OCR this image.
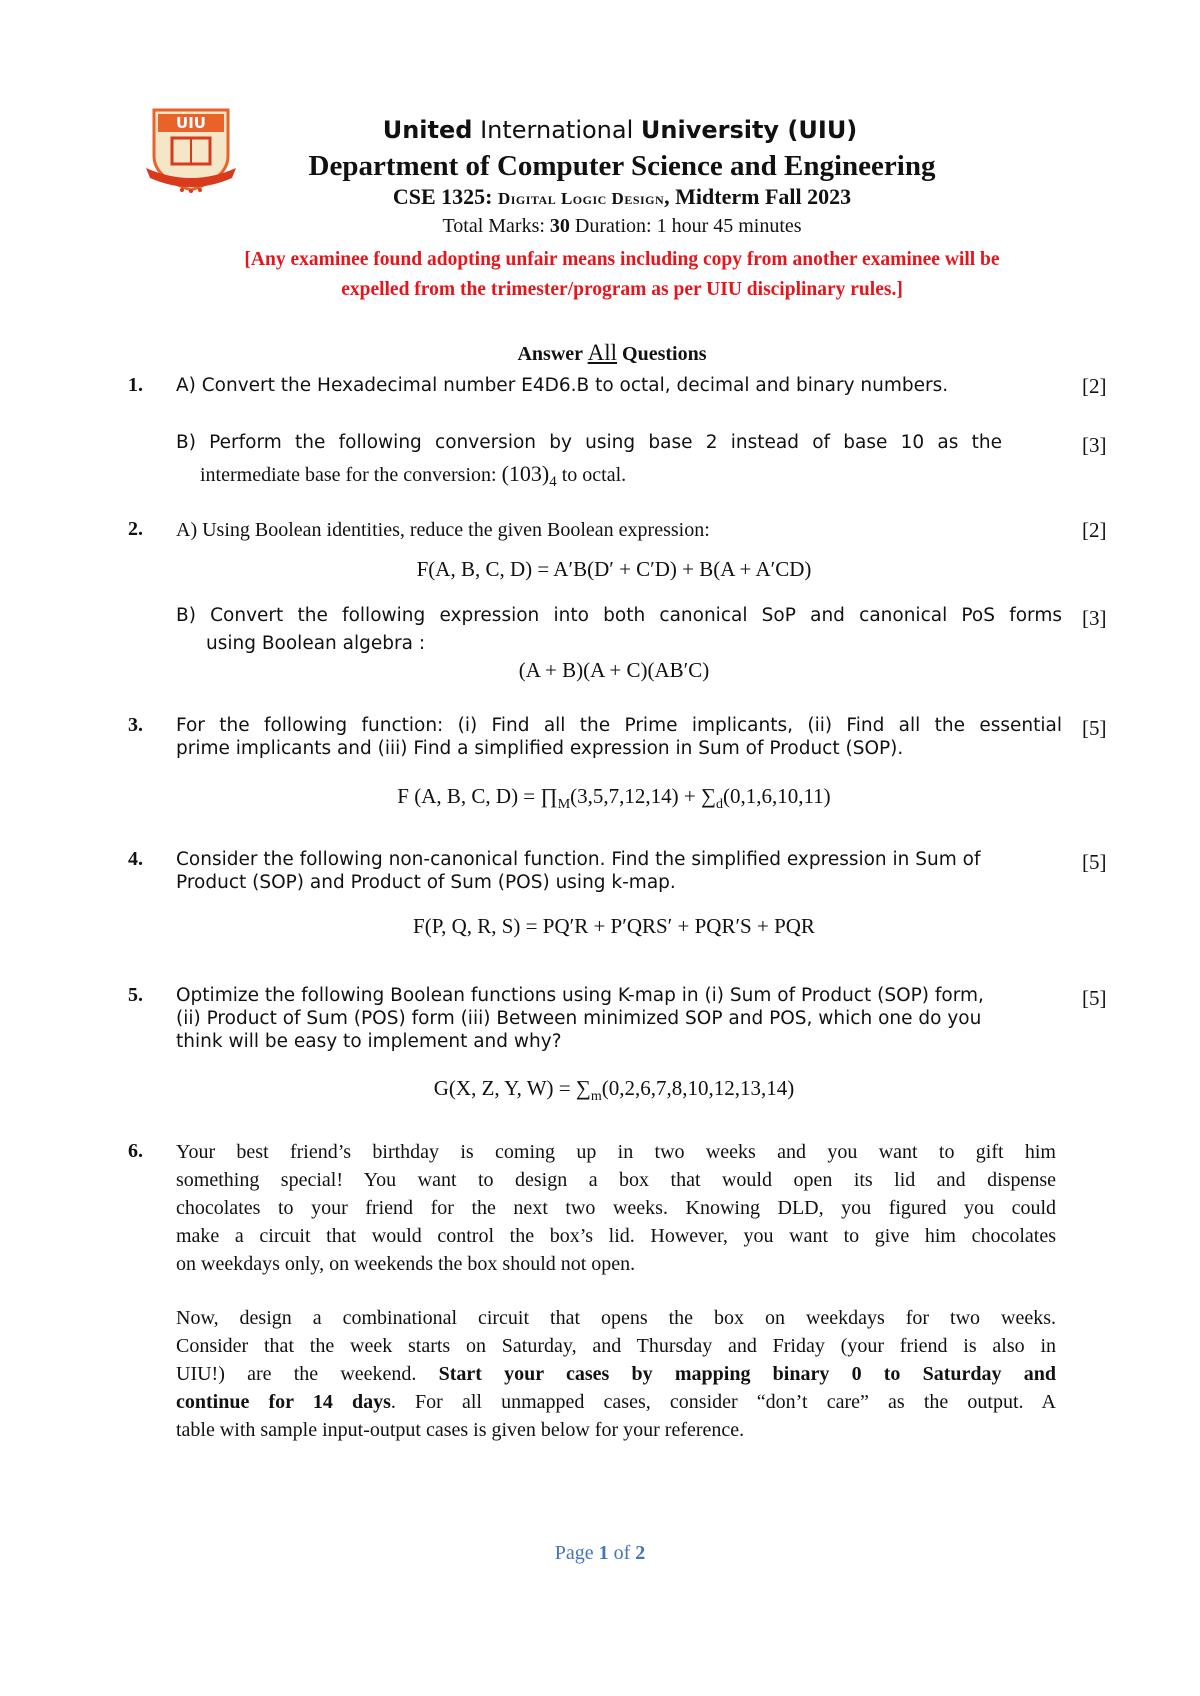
UIU	United International University (UIU)
Department of Computer Science and Engineering
CSE 1325: Digital Logic Design, Midterm Fall 2023
Total Marks: 30 Duration: 1 hour 45 minutes
[Any examinee found adopting unfair means including copy from another examinee will be
expelled from the trimester/program as per UIU disciplinary rules.]
Answer All Questions
1. A) Convert the Hexadecimal number E4D6.B to octal, decimal and binary numbers.	[2]
B) Perform the following conversion by using base 2 instead of base 10 as the	[3]
intermediate base for the conversion: $(103)_4$ to octal.
2. A) Using Boolean identities, reduce the given Boolean expression:	[2]
F(A, B, C, D) = A′B(D′ + C′D) + B(A + A′CD)
B) Convert the following expression into both canonical SoP and canonical PoS forms [3]
using Boolean algebra :
(A + B)(A + C)(AB′C)
3. For the following function: (i) Find all the Prime implicants, (ii) Find all the essential [5]
prime implicants and (iii) Find a simplified expression in Sum of Product (SOP).
F (A, B, C, $D) = \prod_M(3,5,7,12,14) + \sum_d(0,1,6,10,11)$
4. Consider the following non-canonical function. Find the simplified expression in Sum of	[5]
Product (SOP) and Product of Sum (POS) using k-map.
F(P, Q, R, S) = PQ′R + P′QRS′ + PQR′S + PQR
5. Optimize the following Boolean functions using K-map in (i) Sum of Product (SOP) form,	[5]
(ii) Product of Sum (POS) form (iii) Between minimized SOP and POS, which one do you
think will be easy to implement and why?
G(X, Z, Y, $W) = \sum_m(0,2,6,7,8,10,12,13,14)$
6. Your best friend’s birthday is coming up in two weeks and you want to gift him
something special! You want to design a box that would open its lid and dispense
chocolates to your friend for the next two weeks. Knowing DLD, you figured you could
make a circuit that would control the box’s lid. However, you want to give him chocolates
on weekdays only, on weekends the box should not open.
Now, design a combinational circuit that opens the box on weekdays for two weeks.
Consider that the week starts on Saturday, and Thursday and Friday (your friend is also in
UIU!) are the weekend. Start your cases by mapping binary 0 to Saturday and
continue for 14 days. For all unmapped cases, consider “don’t care” as the output. A
table with sample input-output cases is given below for your reference.
Page 1 of 2
